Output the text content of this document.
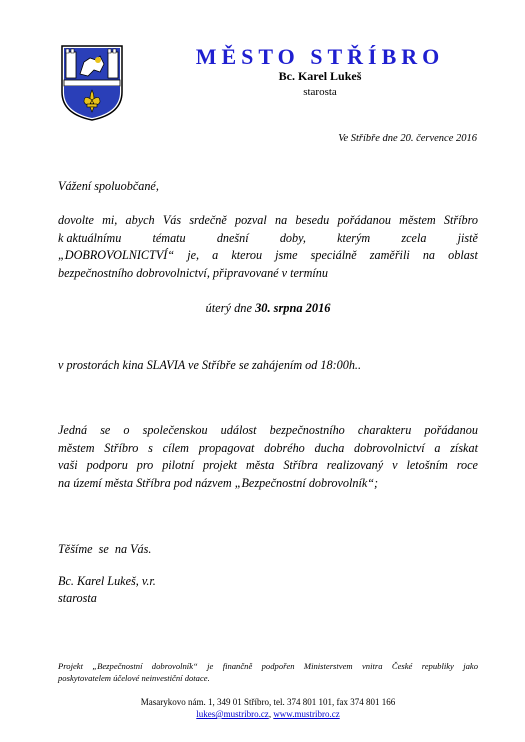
MĚSTO STŘÍBRO
Bc. Karel Lukeš
starosta
Ve Stříbře dne 20. července 2016
Vážení spoluobčané,
dovolte mi, abych Vás srdečně pozval na besedu pořádanou městem Stříbro
k aktuálnímu	tématu	dnešní	doby,	kterým	zcela	jistě
„DOBROVOLNICTVÍ“ je, a kterou jsme speciálně zaměřili na oblast
bezpečnostního dobrovolnictví, připravované v termínu
úterý dne 30. srpna 2016
v prostorách kina SLAVIA ve Stříbře se zahájením od 18:00h..
Jedná se o společenskou událost bezpečnostního charakteru pořádanou
městem Stříbro s cílem propagovat dobrého ducha dobrovolnictví a získat
vaši podporu pro pilotní projekt města Stříbra realizovaný v letošním roce
na území města Stříbra pod názvem „Bezpečnostní dobrovolník“;
Těšíme  se  na Vás.
Bc. Karel Lukeš, v.r.
starosta
Projekt „Bezpečnostní dobrovolník“ je finančně podpořen Ministerstvem vnitra České republiky jako
poskytovatelem účelové neinvestiční dotace.
Masarykovo nám. 1, 349 01 Stříbro, tel. 374 801 101, fax 374 801 166
lukes@mustribro.cz, www.mustribro.cz
